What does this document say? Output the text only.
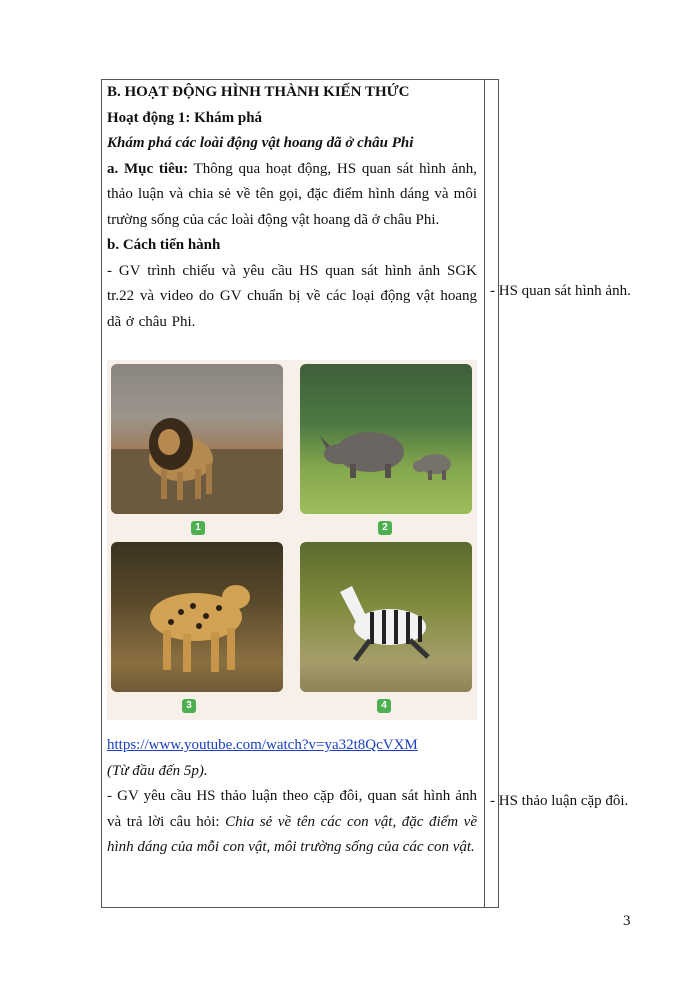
B. HOẠT ĐỘNG HÌNH THÀNH KIẾN THỨC

Hoạt động 1: Khám phá

Khám phá các loài động vật hoang dã ở châu Phi

a. Mục tiêu: Thông qua hoạt động, HS quan sát hình ảnh, thảo luận và chia sẻ về tên gọi, đặc điểm hình dáng và môi trường sống của các loài động vật hoang dã ở châu Phi.

b. Cách tiến hành

- GV trình chiếu và yêu cầu HS quan sát hình ảnh SGK tr.22 và video do GV chuẩn bị về các loại động vật hoang dã ở châu Phi.

1	2
3	4

https://www.youtube.com/watch?v=ya32t8QcVXM

(Từ đầu đến 5p).

- GV yêu cầu HS thảo luận theo cặp đôi, quan sát hình ảnh và trả lời câu hỏi: Chia sẻ về tên các con vật, đặc điểm về hình dáng của mỗi con vật, môi trường sống của các con vật.

- HS quan sát hình ảnh.
- HS thảo luận cặp đôi.
3
